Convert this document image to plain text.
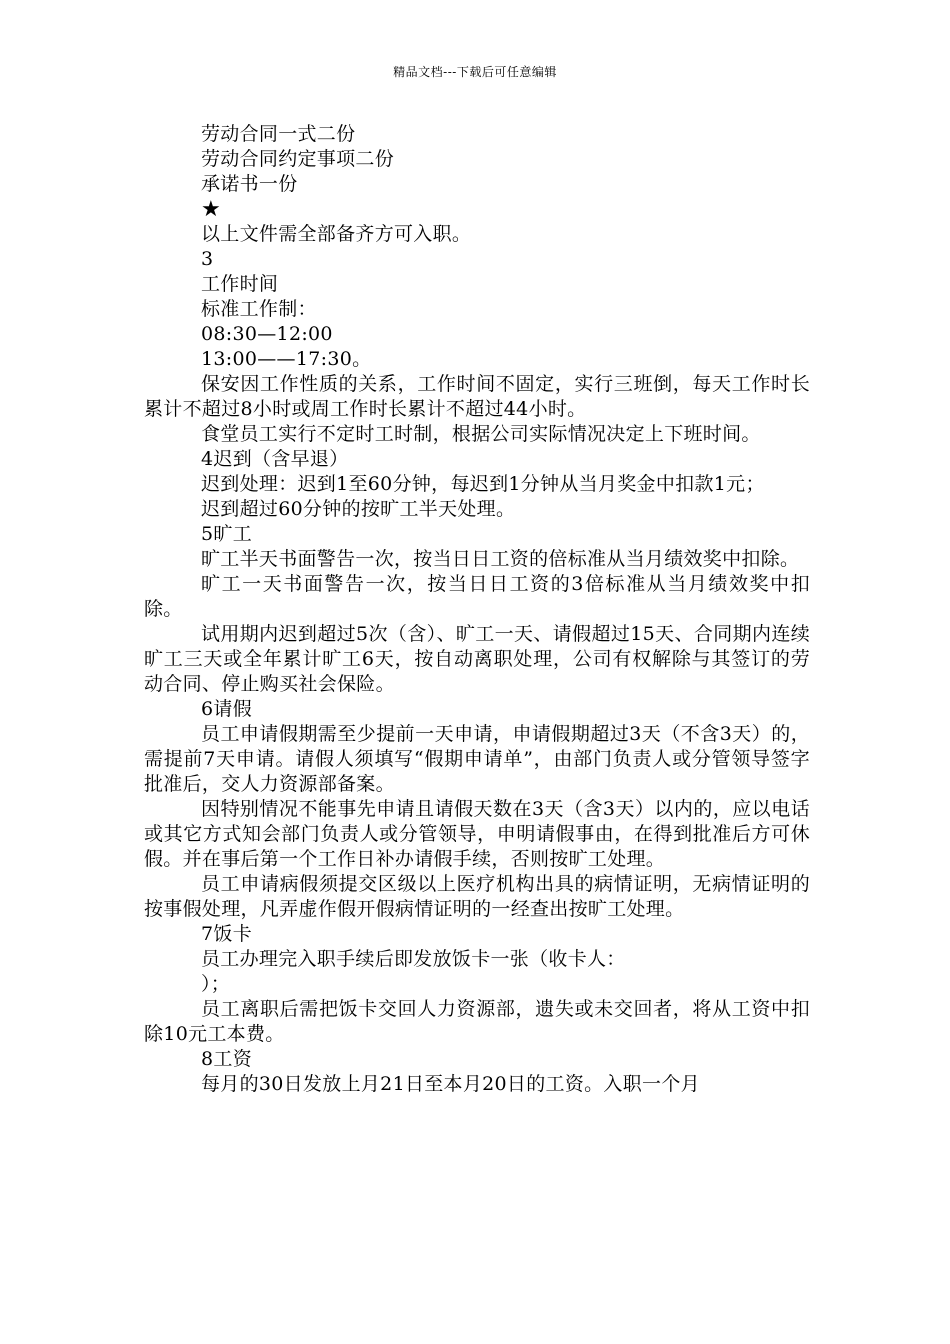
精品文档---下载后可任意编辑
劳动合同一式二份
劳动合同约定事项二份
承诺书一份
★
以上文件需全部备齐方可入职。
3
工作时间
标准工作制：
08:30—12:00
13:00——17:30。
保安因工作性质的关系，工作时间不固定，实行三班倒，每天工作时长累计不超过8小时或周工作时长累计不超过44小时。
食堂员工实行不定时工时制，根据公司实际情况决定上下班时间。
4迟到（含早退）
迟到处理：迟到1至60分钟，每迟到1分钟从当月奖金中扣款1元；
迟到超过60分钟的按旷工半天处理。
5旷工
旷工半天书面警告一次，按当日日工资的倍标准从当月绩效奖中扣除。
旷工一天书面警告一次，按当日日工资的3倍标准从当月绩效奖中扣除。
试用期内迟到超过5次（含）、旷工一天、请假超过15天、合同期内连续旷工三天或全年累计旷工6天，按自动离职处理，公司有权解除与其签订的劳动合同、停止购买社会保险。
6请假
员工申请假期需至少提前一天申请，申请假期超过3天（不含3天）的，需提前7天申请。请假人须填写“假期申请单”，由部门负责人或分管领导签字批准后，交人力资源部备案。
因特别情况不能事先申请且请假天数在3天（含3天）以内的，应以电话或其它方式知会部门负责人或分管领导，申明请假事由，在得到批准后方可休假。并在事后第一个工作日补办请假手续，否则按旷工处理。
员工申请病假须提交区级以上医疗机构出具的病情证明，无病情证明的按事假处理，凡弄虚作假开假病情证明的一经查出按旷工处理。
7饭卡
员工办理完入职手续后即发放饭卡一张（收卡人：
）；
员工离职后需把饭卡交回人力资源部，遗失或未交回者，将从工资中扣除10元工本费。
8工资
每月的30日发放上月21日至本月20日的工资。入职一个月
